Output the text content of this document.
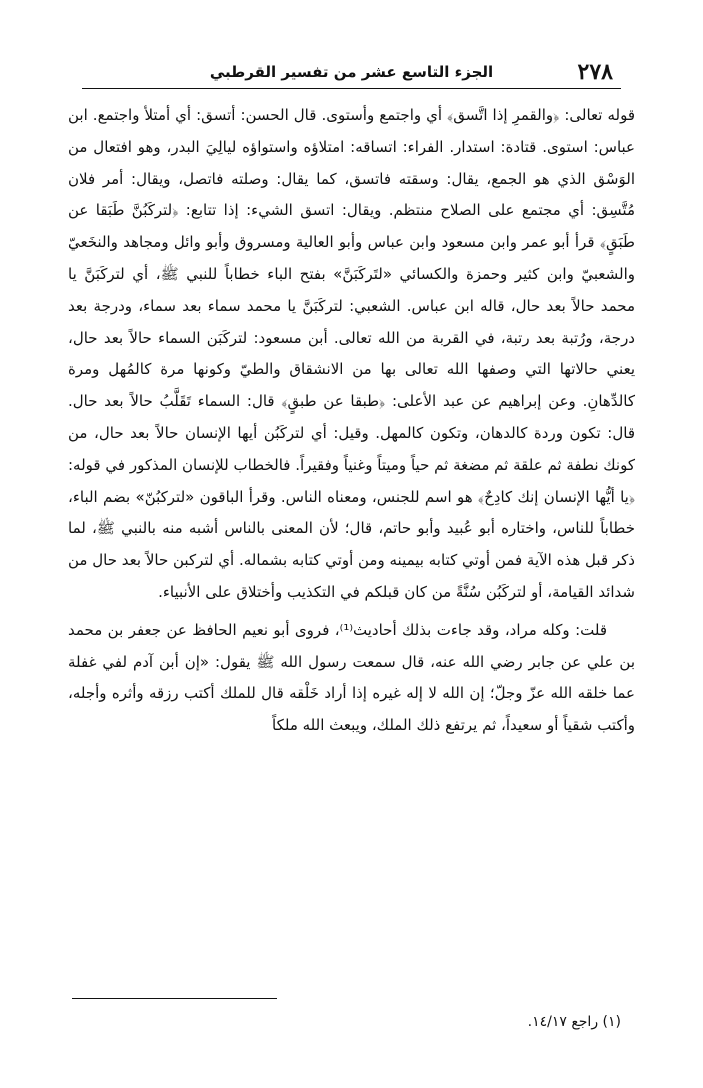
٢٧٨
الجزء التاسع عشر من تفسير القرطبي

قوله تعالى: ﴿والقمرِ إذا اتَّسق﴾ أي واجتمع وأستوى. قال الحسن: أتسق: أي أمتلأ واجتمع. ابن عباس: استوى. قتادة: استدار. الفراء: اتساقه: امتلاؤه واستواؤه ليالِيَ البدر، وهو افتعال من الوَسْق الذي هو الجمع، يقال: وسقته فاتسق، كما يقال: وصلته فاتصل، ويقال: أمر فلان مُتَّسِق: أي مجتمع على الصلاح منتظم. ويقال: اتسق الشيء: إذا تتابع: ﴿لتركَبُنَّ طَبَقا عن طَبَقٍ﴾ قرأ أبو عمر وابن مسعود وابن عباس وأبو العالية ومسروق وأبو وائل ومجاهد والنخَعيّ والشعبيّ وابن كثير وحمزة والكسائي «لتَركَبَنَّ» بفتح الباء خطاباً للنبي ﷺ، أي لتركَبَنَّ يا محمد حالاً بعد حال، قاله ابن عباس. الشعبي: لتركَبَنَّ يا محمد سماء بعد سماء، ودرجة بعد درجة، ورُتبة بعد رتبة، في القربة من الله تعالى. أبن مسعود: لتركَبَن السماء حالاً بعد حال، يعني حالاتها التي وصفها الله تعالى بها من الانشقاق والطيّ وكونها مرة كالمُهل ومرة كالدِّهانِ. وعن إبراهيم عن عبد الأعلى: ﴿طبقا عن طبقٍ﴾ قال: السماء تَقَلَّبُ حالاً بعد حال. قال: تكون وردة كالدهان، وتكون كالمهل. وقيل: أي لتركَبُن أيها الإنسان حالاً بعد حال، من كونك نطفة ثم علقة ثم مضغة ثم حياً وميتاً وغنياً وفقيراً. فالخطاب للإنسان المذكور في قوله: ﴿يا أيُّها الإنسان إنك كادِحٌ﴾ هو اسم للجنس، ومعناه الناس. وقرأ الباقون «لتركبُنّ» بضم الباء، خطاباً للناس، واختاره أبو عُبيد وأبو حاتم، قال؛ لأن المعنى بالناس أشبه منه بالنبي ﷺ، لما ذكر قبل هذه الآية فمن أوتي كتابه بيمينه ومن أوتي كتابه بشماله. أي لتركبن حالاً بعد حال من شدائد القيامة، أو لتركَبُن سُنَّةً من كان قبلكم في التكذيب وأختلاق على الأنبياء.

قلت: وكله مراد، وقد جاءت بذلك أحاديث⁽¹⁾، فروى أبو نعيم الحافظ عن جعفر بن محمد بن علي عن جابر رضي الله عنه، قال سمعت رسول الله ﷺ يقول: «إن أبن آدم لفي غفلة عما خلقه الله عزّ وجلّ؛ إن الله لا إله غيره إذا أراد خَلْقه قال للملك أكتب رزقه وأثره وأجله، وأكتب شقياً أو سعيداً، ثم يرتفع ذلك الملك، ويبعث الله ملكاً

(١) راجع ١٤/١٧.
